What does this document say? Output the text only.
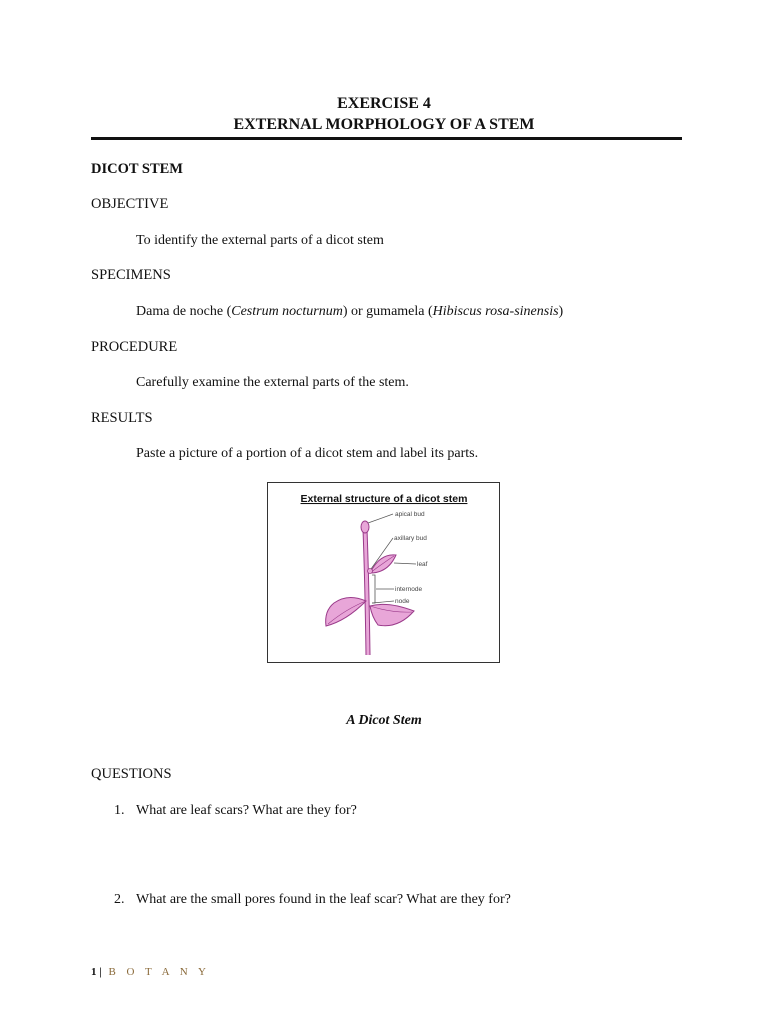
EXERCISE 4
EXTERNAL MORPHOLOGY OF A STEM
DICOT STEM
OBJECTIVE
To identify the external parts of a dicot stem
SPECIMENS
Dama de noche (Cestrum nocturnum) or gumamela (Hibiscus rosa-sinensis)
PROCEDURE
Carefully examine the external parts of the stem.
RESULTS
Paste a picture of a portion of a dicot stem and label its parts.
External structure of a dicot stem
apical bud
axillary bud
leaf
internode
node
A Dicot Stem
QUESTIONS
1. What are leaf scars? What are they for?
2. What are the small pores found in the leaf scar? What are they for?
1 | B O T A N Y
